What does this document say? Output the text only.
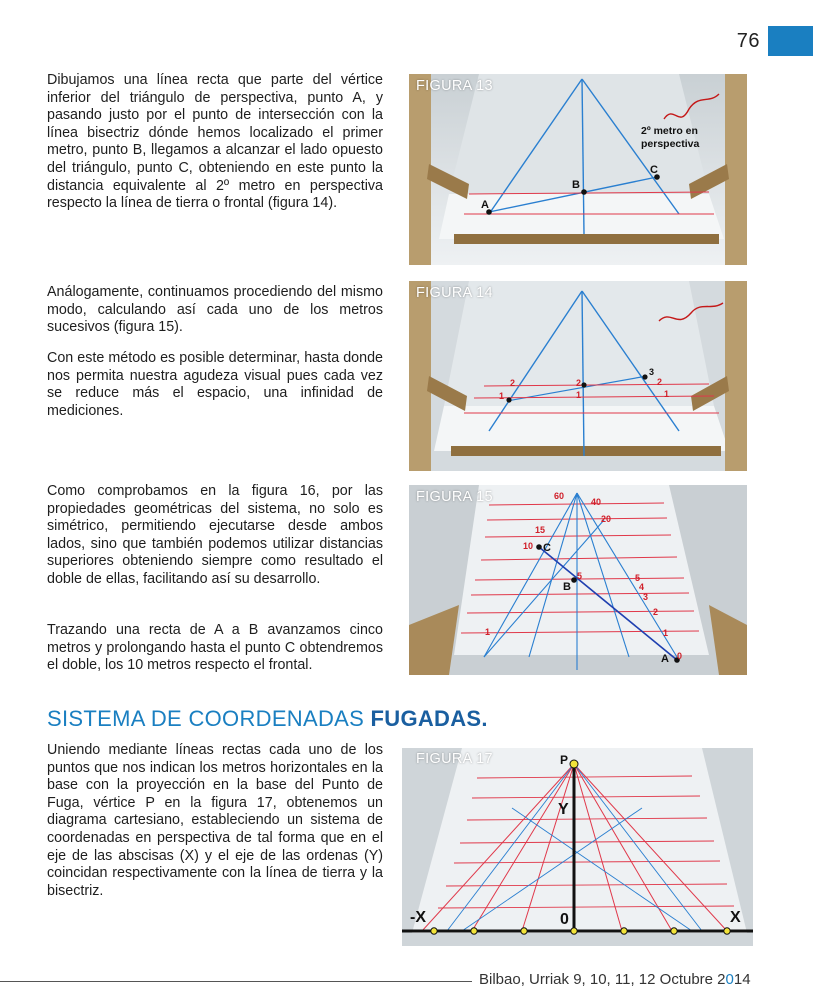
76

Dibujamos una línea recta que parte del vértice inferior del triángulo de perspectiva, punto A, y pasando justo por el punto de intersección con la línea bisectriz dónde hemos localizado el primer metro, punto B, llegamos a alcanzar el lado opuesto del triángulo, punto C, obteniendo en este punto la distancia equivalente al 2º metro en perspectiva respecto la línea de tierra o frontal (figura 14).

Análogamente, continuamos procediendo del mismo modo, calculando así cada uno de los metros sucesivos (figura 15).

Con este método es posible determinar, hasta donde nos permita nuestra agudeza visual pues cada vez se reduce más el espacio, una infinidad de mediciones.

Como comprobamos en la figura 16, por las propiedades geométricas del sistema, no solo es simétrico, permitiendo ejecutarse desde ambos lados, sino que también podemos utilizar distancias superiores obteniendo siempre como resultado el doble de ellas, facilitando así su desarrollo.

Trazando una recta de A a B avanzamos cinco metros y prolongando hasta el punto C obtendremos el doble, los 10 metros respecto el frontal.

Uniendo mediante líneas rectas cada uno de los puntos que nos indican los metros horizontales en la base con la proyección en la base del Punto de Fuga, vértice P en la figura 17, obtenemos un diagrama cartesiano, estableciendo un sistema de coordenadas en perspectiva de tal forma que en el eje de las abscisas (X) y el eje de las ordenas (Y) coincidan respectivamente con la línea de tierra y la bisectriz.

SISTEMA DE COORDENADAS FUGADAS.
A
B
C
2º metro en
perspectiva
FIGURA 13
2
1
2
1
3
2
1
FIGURA 14
60
40
20
15
10
5	5
4
3
2
1	1
0
C
B
A
FIGURA 15
P
Y
0
-X	X
FIGURA 17
Bilbao, Urriak 9, 10, 11, 12 Octubre 2014
